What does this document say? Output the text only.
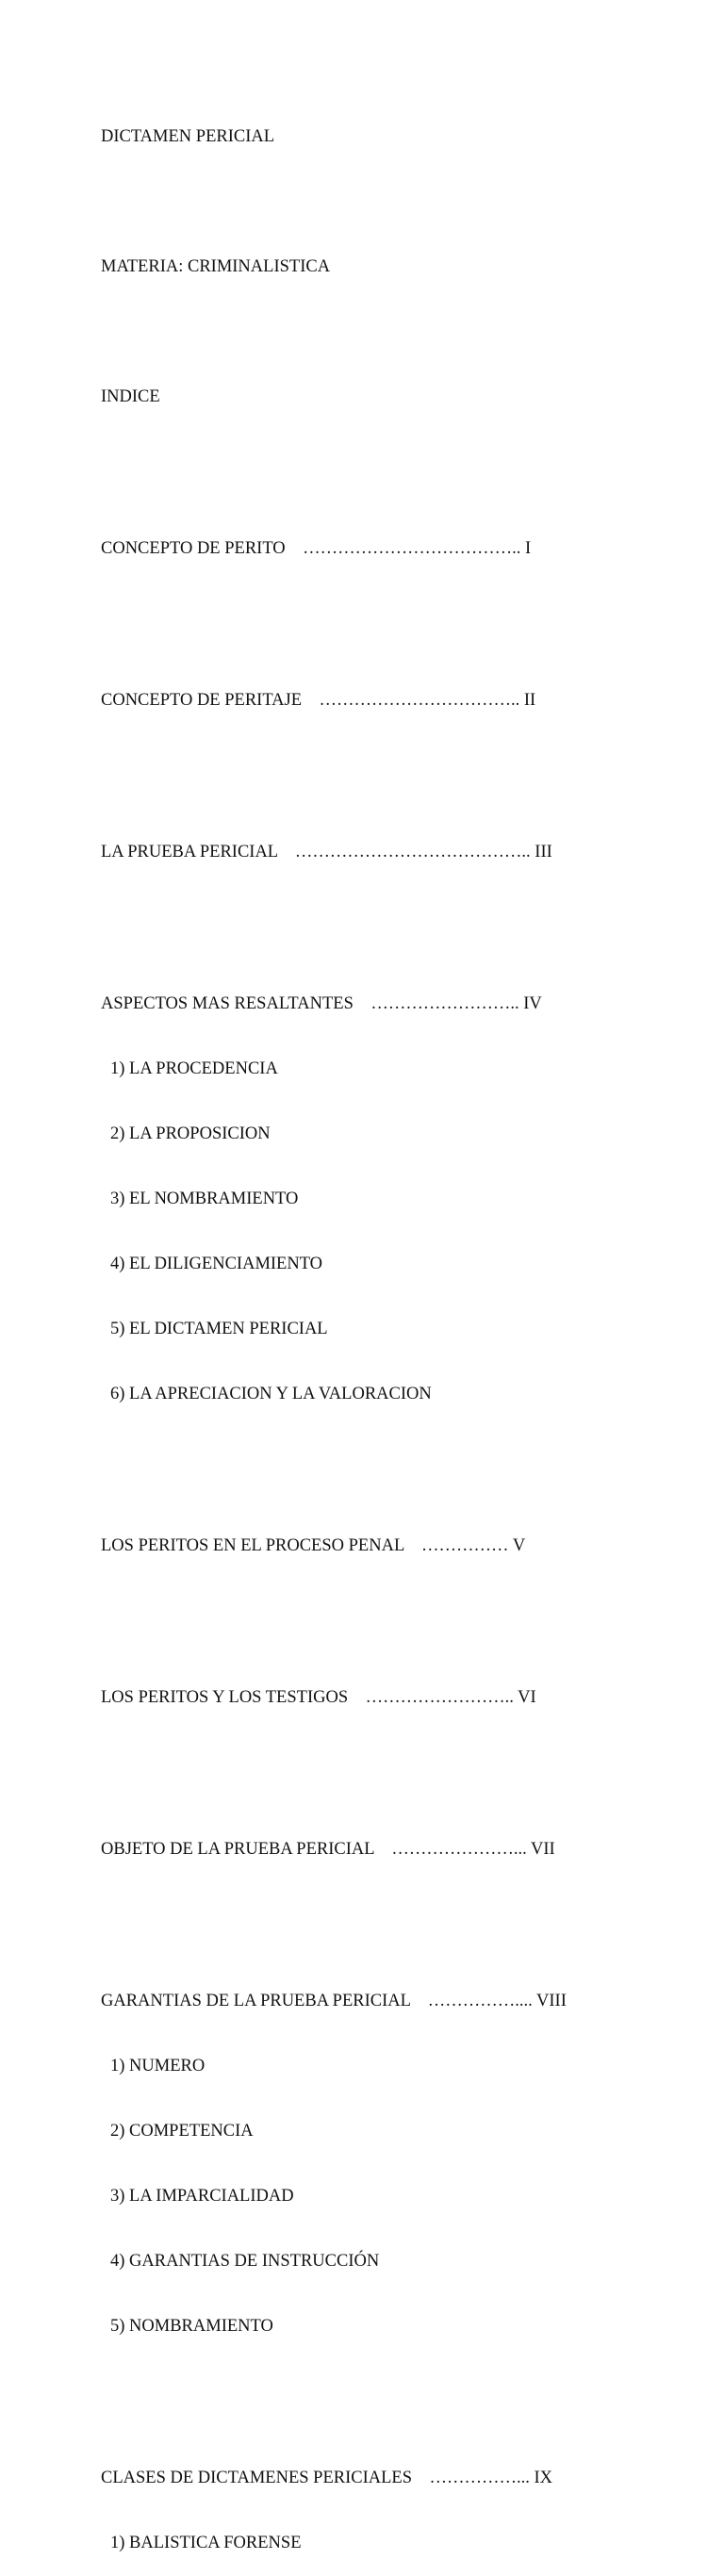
DICTAMEN PERICIAL

MATERIA: CRIMINALISTICA

INDICE

CONCEPTO DE PERITO    ……………………………….. I

CONCEPTO DE PERITAJE    …………………………….. II

LA PRUEBA PERICIAL    ………………………………….. III

ASPECTOS MAS RESALTANTES    …………………….. IV

1) LA PROCEDENCIA

2) LA PROPOSICION

3) EL NOMBRAMIENTO

4) EL DILIGENCIAMIENTO

5) EL DICTAMEN PERICIAL

6) LA APRECIACION Y LA VALORACION

LOS PERITOS EN EL PROCESO PENAL    …………… V

LOS PERITOS Y LOS TESTIGOS    …………………….. VI

OBJETO DE LA PRUEBA PERICIAL    …………………... VII

GARANTIAS DE LA PRUEBA PERICIAL    …………….... VIII

1) NUMERO

2) COMPETENCIA

3) LA IMPARCIALIDAD

4) GARANTIAS DE INSTRUCCIÓN

5) NOMBRAMIENTO

CLASES DE DICTAMENES PERICIALES    ……………... IX

1) BALISTICA FORENSE
